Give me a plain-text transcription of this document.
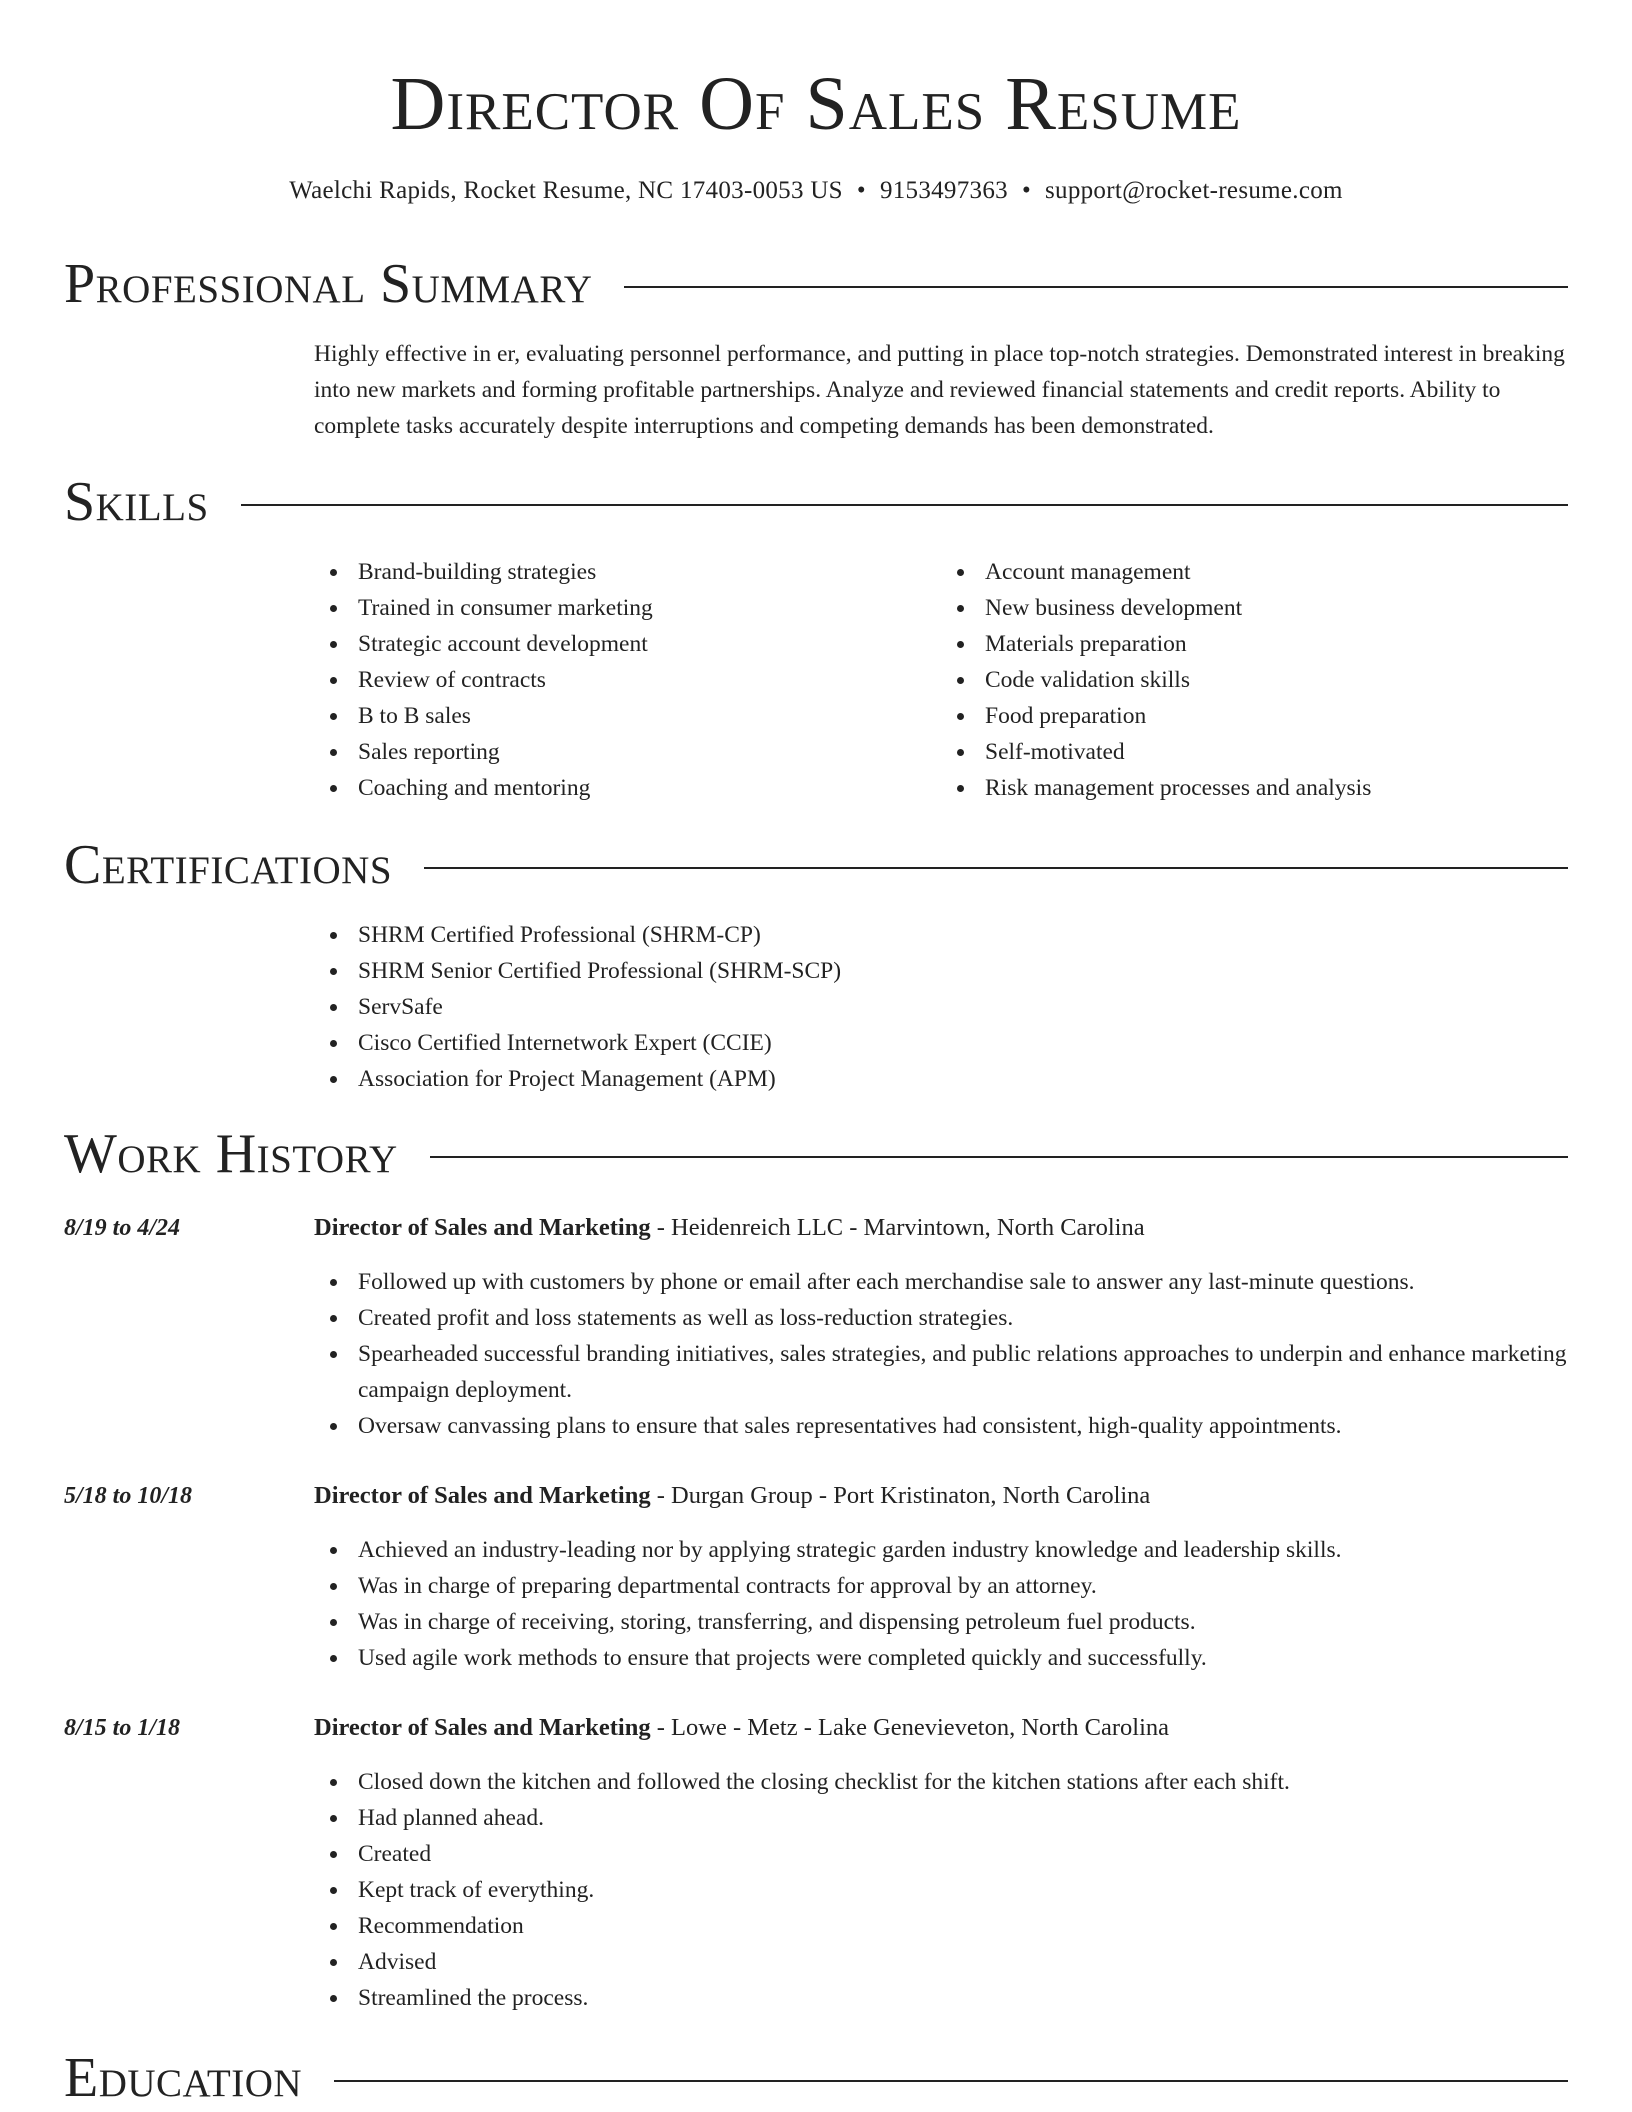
Director Of Sales Resume
Waelchi Rapids, Rocket Resume, NC 17403-0053 US • 9153497363 • support@rocket-resume.com
Professional Summary

Highly effective in er, evaluating personnel performance, and putting in place top-notch strategies. Demonstrated interest in breaking into new markets and forming profitable partnerships. Analyze and reviewed financial statements and credit reports. Ability to complete tasks accurately despite interruptions and competing demands has been demonstrated.

Skills
Brand-building strategies
Trained in consumer marketing
Strategic account development
Review of contracts
B to B sales
Sales reporting
Coaching and mentoring
Account management
New business development
Materials preparation
Code validation skills
Food preparation
Self-motivated
Risk management processes and analysis
Certifications
SHRM Certified Professional (SHRM-CP)
SHRM Senior Certified Professional (SHRM-SCP)
ServSafe
Cisco Certified Internetwork Expert (CCIE)
Association for Project Management (APM)
Work History
8/19 to 4/24	Director of Sales and Marketing - Heidenreich LLC - Marvintown, North Carolina
Followed up with customers by phone or email after each merchandise sale to answer any last-minute questions.
Created profit and loss statements as well as loss-reduction strategies.
Spearheaded successful branding initiatives, sales strategies, and public relations approaches to underpin and enhance marketing campaign deployment.
Oversaw canvassing plans to ensure that sales representatives had consistent, high-quality appointments.
5/18 to 10/18	Director of Sales and Marketing - Durgan Group - Port Kristinaton, North Carolina
Achieved an industry-leading nor by applying strategic garden industry knowledge and leadership skills.
Was in charge of preparing departmental contracts for approval by an attorney.
Was in charge of receiving, storing, transferring, and dispensing petroleum fuel products.
Used agile work methods to ensure that projects were completed quickly and successfully.
8/15 to 1/18	Director of Sales and Marketing - Lowe - Metz - Lake Genevieveton, North Carolina
Closed down the kitchen and followed the closing checklist for the kitchen stations after each shift.
Had planned ahead.
Created
Kept track of everything.
Recommendation
Advised
Streamlined the process.
Education
